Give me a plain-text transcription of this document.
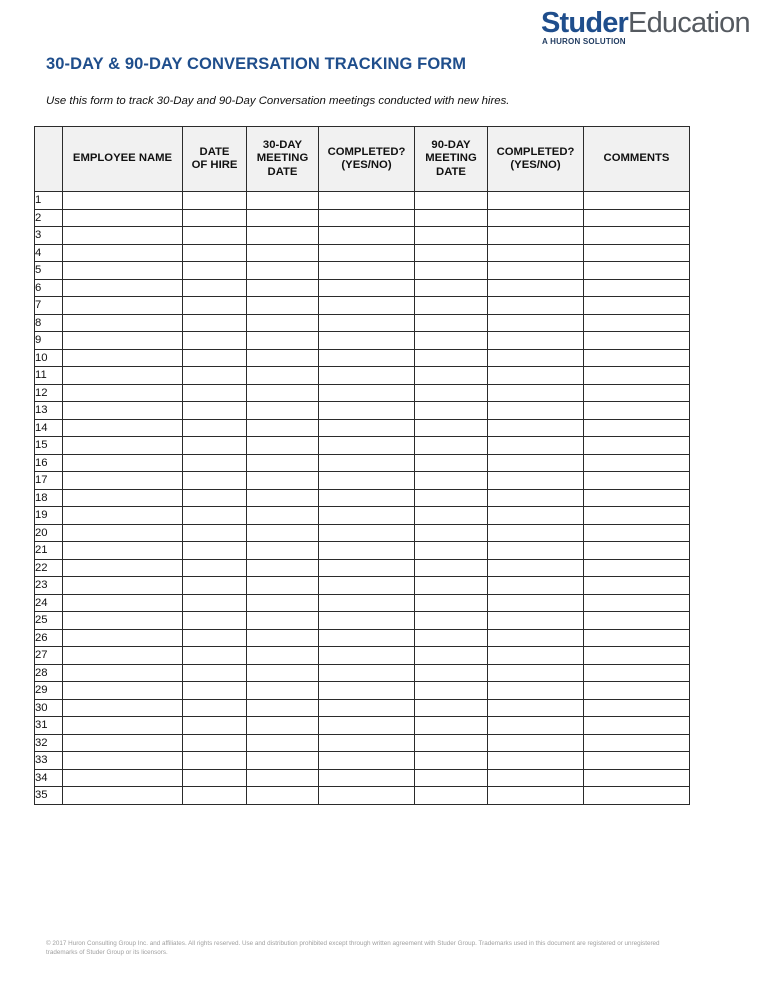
StuderEducation
A HURON SOLUTION
30-DAY & 90-DAY CONVERSATION TRACKING FORM

Use this form to track 30-Day and 90-Day Conversation meetings conducted with new hires.

	EMPLOYEE NAME	DATE OF HIRE	30-DAY MEETING DATE	COMPLETED? (YES/NO)	90-DAY MEETING DATE	COMPLETED? (YES/NO)	COMMENTS
1							
2							
3							
4							
5							
6							
7							
8							
9							
10							
11							
12							
13							
14							
15							
16							
17							
18							
19							
20							
21							
22							
23							
24							
25							
26							
27							
28							
29							
30							
31							
32							
33							
34							
35							
© 2017 Huron Consulting Group Inc. and affiliates. All rights reserved. Use and distribution prohibited except through written agreement with Studer Group. Trademarks used in this document are registered or unregistered trademarks of Studer Group or its licensors.
